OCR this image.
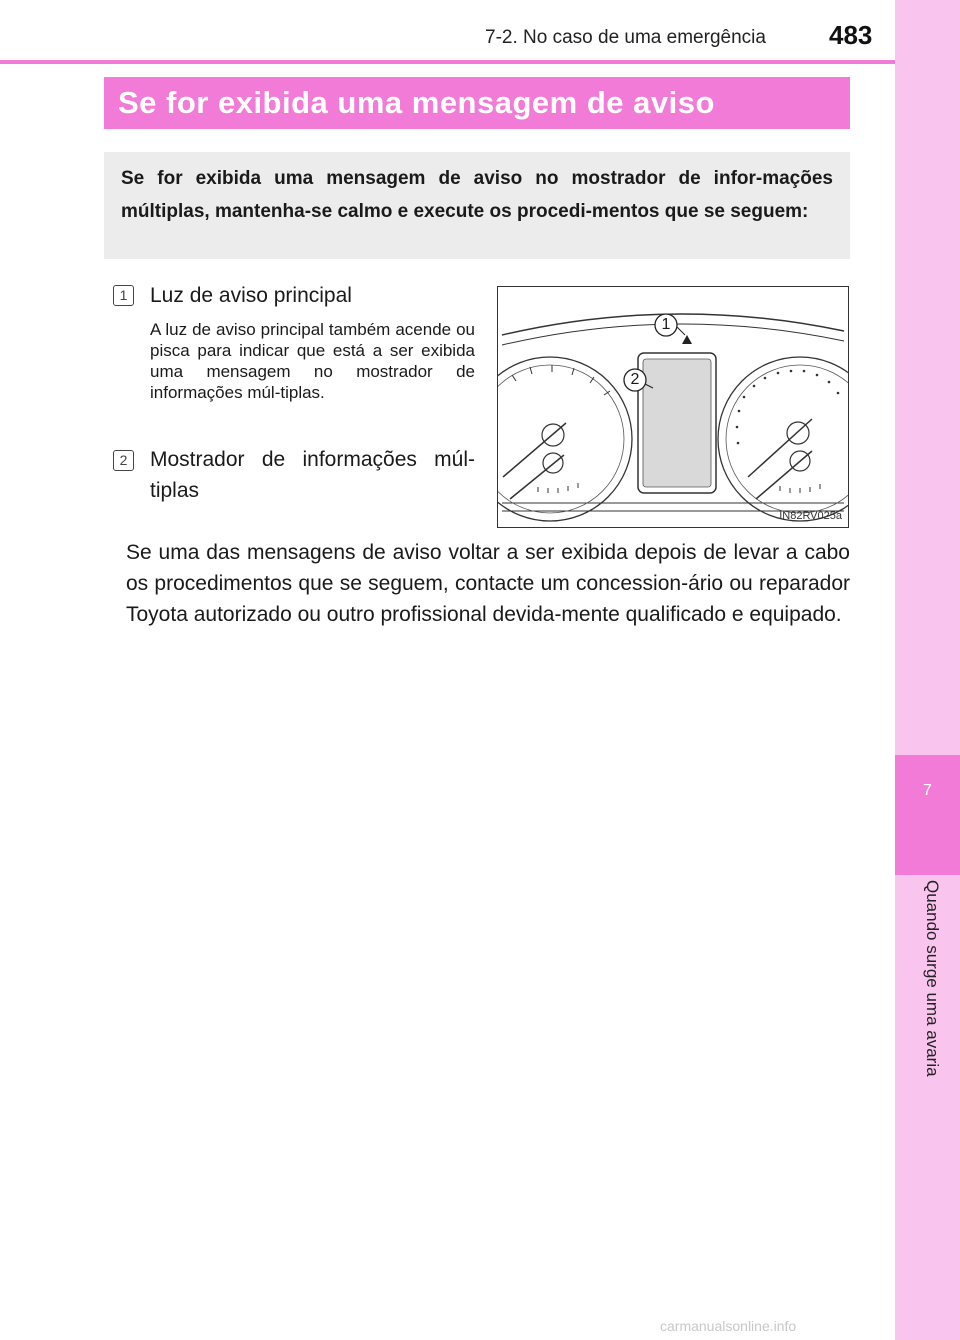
7
Quando surge uma avaria
7-2. No caso de uma emergência 483
Se for exibida uma mensagem de aviso
Se for exibida uma mensagem de aviso no mostrador de infor-mações múltiplas, mantenha-se calmo e execute os procedi-mentos que se seguem:
1	Luz de aviso principal
A luz de aviso principal também acende ou pisca para indicar que está a ser exibida uma mensagem no mostrador de informações múl-tiplas.
2	Mostrador de informações múl-tiplas
1
2
IN82RV025a
Se uma das mensagens de aviso voltar a ser exibida depois de levar a cabo os procedimentos que se seguem, contacte um concession-ário ou reparador Toyota autorizado ou outro profissional devida-mente qualificado e equipado.
carmanualsonline.info
